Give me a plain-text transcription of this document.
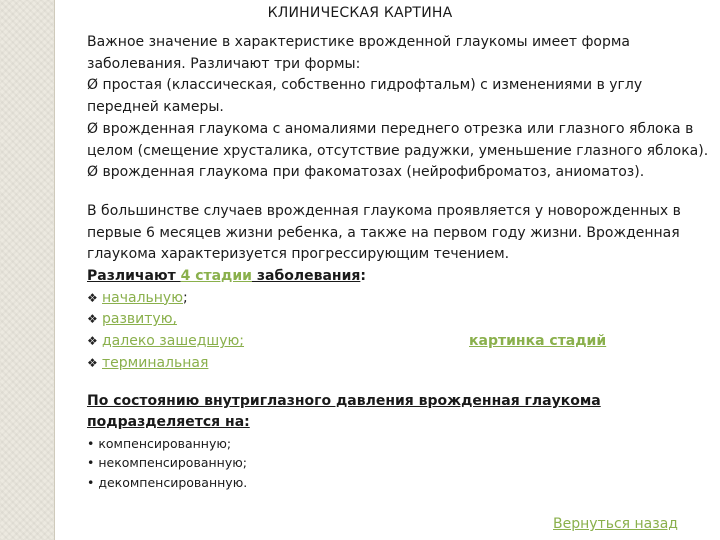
КЛИНИЧЕСКАЯ КАРТИНА

Важное значение в характеристике врожденной глаукомы имеет форма заболевания. Различают три формы:

Ø простая (классическая, собственно гидрофтальм) с изменениями в углу передней камеры.

Ø врожденная глаукома с аномалиями переднего отрезка или глазного яблока в целом (смещение хрусталика, отсутствие радужки, уменьшение глазного яблока).

Ø врожденная глаукома при факоматозах (нейрофиброматоз, аниоматоз).

В большинстве случаев врожденная глаукома проявляется у новорожденных в первые 6 месяцев жизни ребенка, а также на первом году жизни. Врожденная глаукома характеризуется прогрессирующим течением.

Различают 4 стадии заболевания:

❖ начальную;
❖ развитую,
❖ далеко зашедшую;	картинка стадий
❖ терминальная

По состоянию внутриглазного давления врожденная глаукома подразделяется на:

• компенсированную;
• некомпенсированную;
• декомпенсированную.
Вернуться назад
